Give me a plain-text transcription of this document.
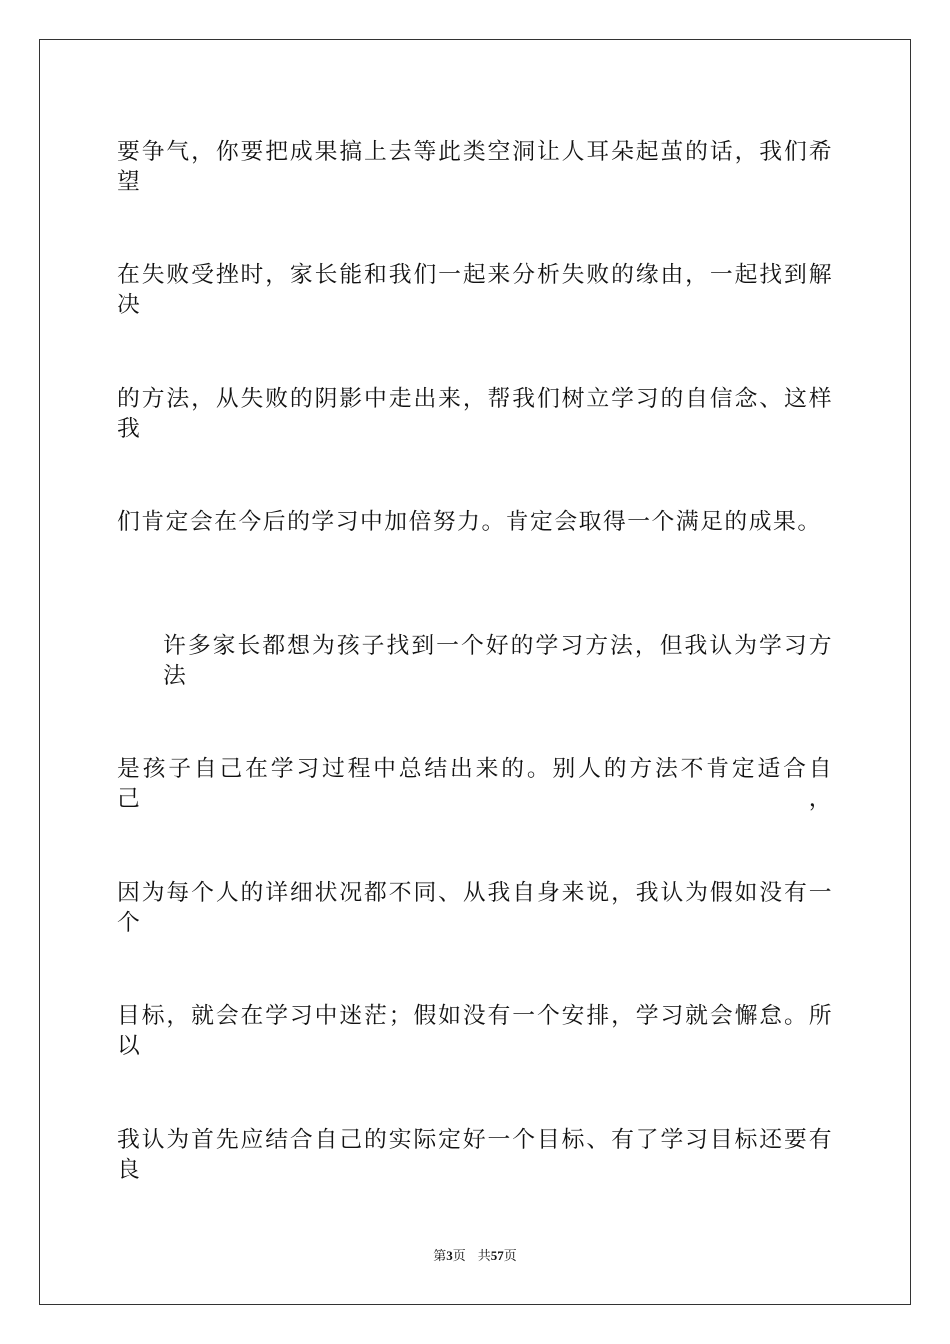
要争气，你要把成果搞上去等此类空洞让人耳朵起茧的话，我们希望
在失败受挫时，家长能和我们一起来分析失败的缘由，一起找到解决
的方法，从失败的阴影中走出来，帮我们树立学习的自信念、这样我
们肯定会在今后的学习中加倍努力。肯定会取得一个满足的成果。
许多家长都想为孩子找到一个好的学习方法，但我认为学习方法
是孩子自己在学习过程中总结出来的。别人的方法不肯定适合自己，
因为每个人的详细状况都不同、从我自身来说，我认为假如没有一个
目标，就会在学习中迷茫；假如没有一个安排，学习就会懈怠。所以
我认为首先应结合自己的实际定好一个目标、有了学习目标还要有良
第3页 共57页
